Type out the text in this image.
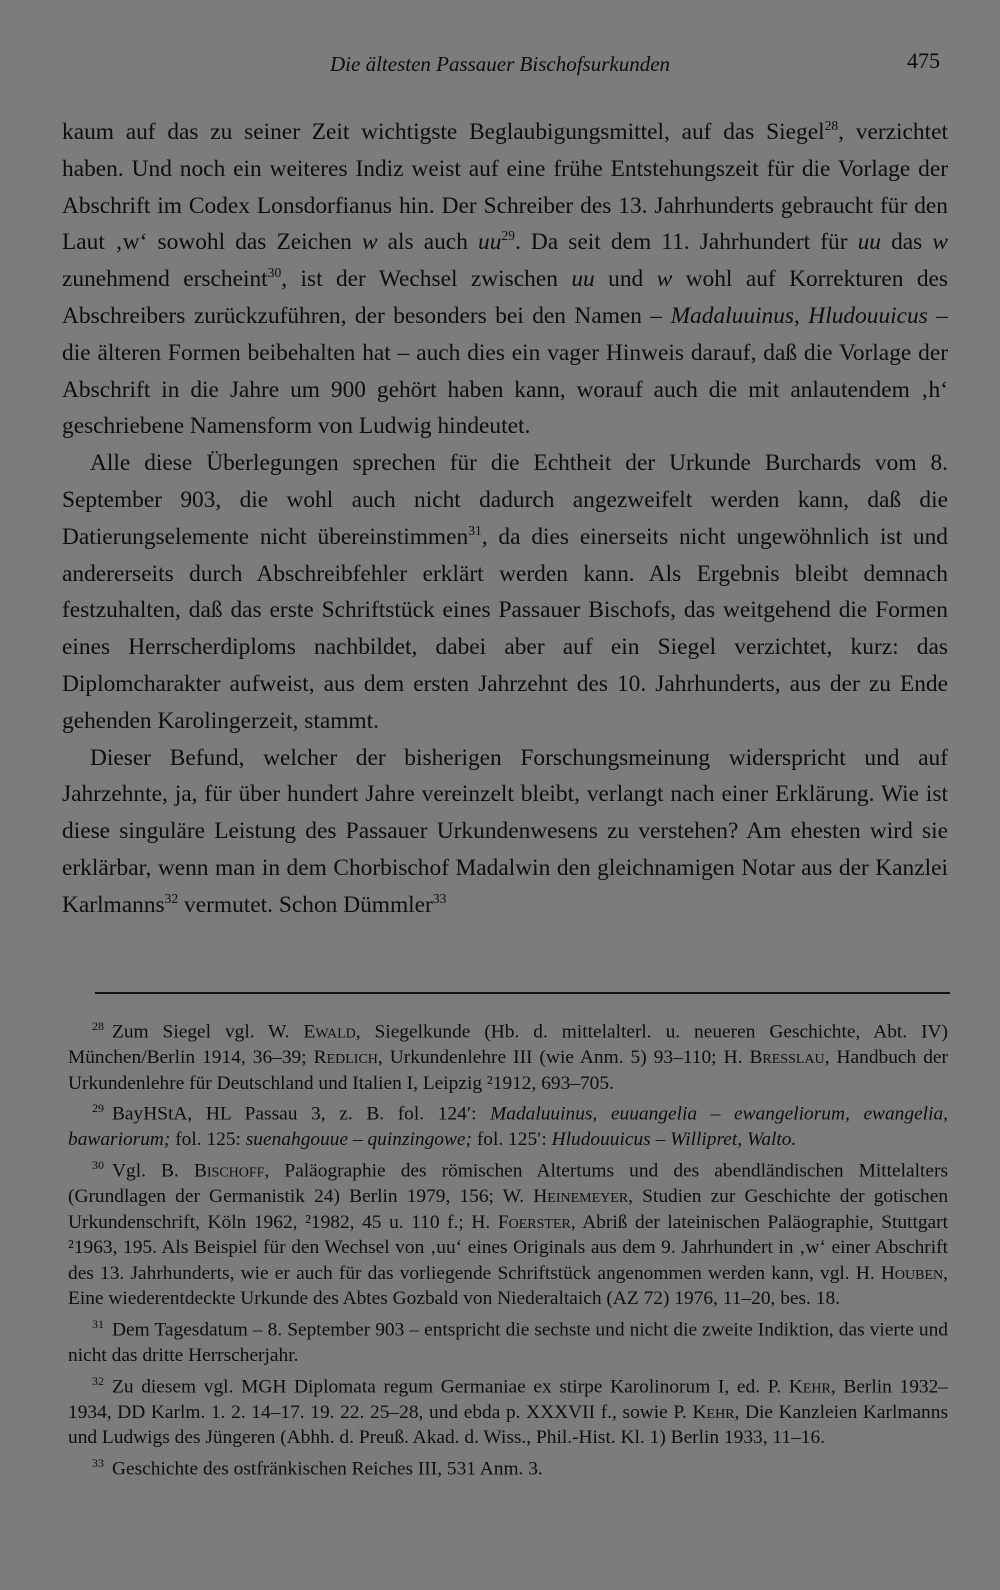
Die ältesten Passauer Bischofsurkunden	475

kaum auf das zu seiner Zeit wichtigste Beglaubigungsmittel, auf das Siegel$^{28}$, verzichtet haben. Und noch ein weiteres Indiz weist auf eine frühe Entstehungszeit für die Vorlage der Abschrift im Codex Lonsdorfianus hin. Der Schreiber des 13. Jahrhunderts gebraucht für den Laut ‚w‘ sowohl das Zeichen w als auch $uu^{29}$. Da seit dem 11. Jahrhundert für uu das w zunehmend erscheint$^{30}$, ist der Wechsel zwischen uu und w wohl auf Korrekturen des Abschreibers zurückzuführen, der besonders bei den Namen – Madaluuinus, Hludouuicus – die älteren Formen beibehalten hat – auch dies ein vager Hinweis darauf, daß die Vorlage der Abschrift in die Jahre um 900 gehört haben kann, worauf auch die mit anlautendem ‚h‘ geschriebene Namensform von Ludwig hindeutet.

Alle diese Überlegungen sprechen für die Echtheit der Urkunde Burchards vom 8. September 903, die wohl auch nicht dadurch angezweifelt werden kann, daß die Datierungselemente nicht übereinstimmen$^{31}$, da dies einerseits nicht ungewöhnlich ist und andererseits durch Abschreibfehler erklärt werden kann. Als Ergebnis bleibt demnach festzuhalten, daß das erste Schriftstück eines Passauer Bischofs, das weitgehend die Formen eines Herrscherdiploms nachbildet, dabei aber auf ein Siegel verzichtet, kurz: das Diplomcharakter aufweist, aus dem ersten Jahrzehnt des 10. Jahrhunderts, aus der zu Ende gehenden Karolingerzeit, stammt.

Dieser Befund, welcher der bisherigen Forschungsmeinung widerspricht und auf Jahrzehnte, ja, für über hundert Jahre vereinzelt bleibt, verlangt nach einer Erklärung. Wie ist diese singuläre Leistung des Passauer Urkundenwesens zu verstehen? Am ehesten wird sie erklärbar, wenn man in dem Chorbischof Madalwin den gleichnamigen Notar aus der Kanzlei Karlmanns$^{32}$ vermutet. Schon Dümmler$^{33}$

$^{28}$ Zum Siegel vgl. W. Ewald, Siegelkunde (Hb. d. mittelalterl. u. neueren Geschichte, Abt. IV) München/Berlin 1914, 36–39; Redlich, Urkundenlehre III (wie Anm. 5) 93–110; H. Bresslau, Handbuch der Urkundenlehre für Deutschland und Italien I, Leipzig ²1912, 693–705.

$^{29}$ BayHStA, HL Passau 3, z. B. fol. 124′: Madaluuinus, euuangelia – ewangeliorum, ewangelia, bawariorum; fol. 125: suenahgouue – quinzingowe; fol. 125′: Hludouuicus – Willipret, Walto.

$^{30}$ Vgl. B. Bischoff, Paläographie des römischen Altertums und des abendländischen Mittelalters (Grundlagen der Germanistik 24) Berlin 1979, 156; W. Heinemeyer, Studien zur Geschichte der gotischen Urkundenschrift, Köln 1962, ²1982, 45 u. 110 f.; H. Foerster, Abriß der lateinischen Paläographie, Stuttgart ²1963, 195. Als Beispiel für den Wechsel von ‚uu‘ eines Originals aus dem 9. Jahrhundert in ‚w‘ einer Abschrift des 13. Jahrhunderts, wie er auch für das vorliegende Schriftstück angenommen werden kann, vgl. H. Houben, Eine wiederentdeckte Urkunde des Abtes Gozbald von Niederaltaich (AZ 72) 1976, 11–20, bes. 18.

$^{31}$ Dem Tagesdatum – 8. September 903 – entspricht die sechste und nicht die zweite Indiktion, das vierte und nicht das dritte Herrscherjahr.

$^{32}$ Zu diesem vgl. MGH Diplomata regum Germaniae ex stirpe Karolinorum I, ed. P. Kehr, Berlin 1932–1934, DD Karlm. 1. 2. 14–17. 19. 22. 25–28, und ebda p. XXXVII f., sowie P. Kehr, Die Kanzleien Karlmanns und Ludwigs des Jüngeren (Abhh. d. Preuß. Akad. d. Wiss., Phil.-Hist. Kl. 1) Berlin 1933, 11–16.

$^{33}$ Geschichte des ostfränkischen Reiches III, 531 Anm. 3.
